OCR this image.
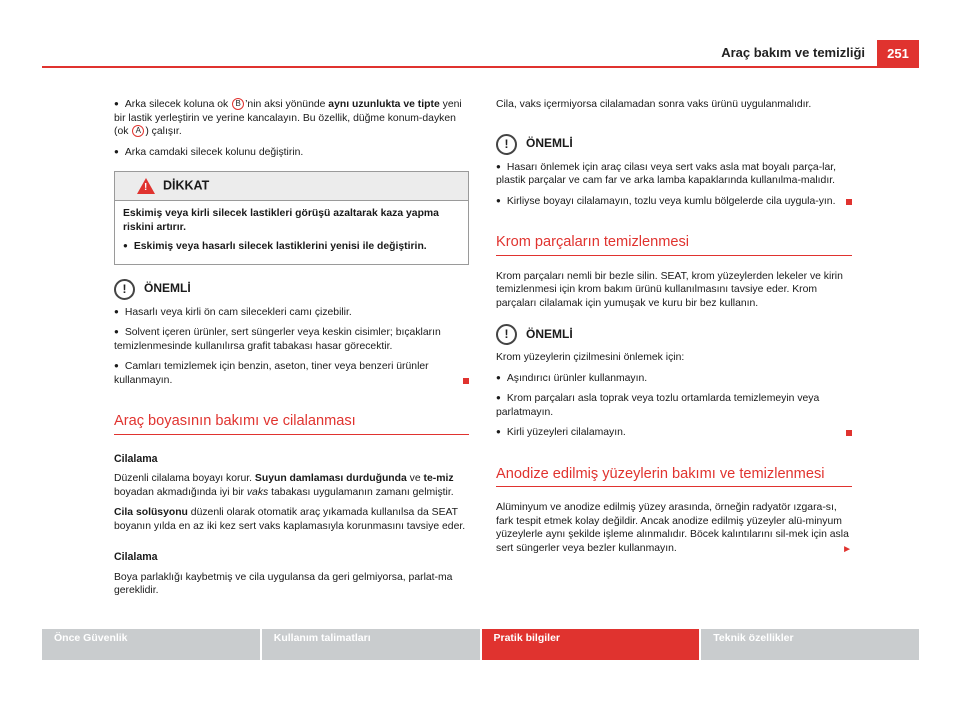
Araç bakım ve temizliği	251

● Arka silecek koluna ok B ’nin aksi yönünde aynı uzunlukta ve tipte yeni bir lastik yerleştirin ve yerine kancalayın. Bu özellik, düğme konum-dayken (ok A ) çalışır.

● Arka camdaki silecek kolunu değiştirin.

!DİKKAT

Eskimiş veya kirli silecek lastikleri görüşü azaltarak kaza yapma riskini artırır.

● Eskimiş veya hasarlı silecek lastiklerini yenisi ile değiştirin.

!	ÖNEMLİ

● Hasarlı veya kirli ön cam silecekleri camı çizebilir.

● Solvent içeren ürünler, sert süngerler veya keskin cisimler; bıçakların temizlenmesinde kullanılırsa grafit tabakası hasar görecektir.

● Camları temizlemek için benzin, aseton, tiner veya benzeri ürünler kullanmayın.

Araç boyasının bakımı ve cilalanması
Cilalama

Düzenli cilalama boyayı korur. Suyun damlaması durduğunda ve te-miz boyadan akmadığında iyi bir vaks tabakası uygulamanın zamanı gelmiştir.

Cila solüsyonu düzenli olarak otomatik araç yıkamada kullanılsa da SEAT boyanın yılda en az iki kez sert vaks kaplamasıyla korunmasını tavsiye eder.

Cilalama

Boya parlaklığı kaybetmiş ve cila uygulansa da geri gelmiyorsa, parlat-ma gereklidir.

Cila, vaks içermiyorsa cilalamadan sonra vaks ürünü uygulanmalıdır.

!	ÖNEMLİ

● Hasarı önlemek için araç cilası veya sert vaks asla mat boyalı parça-lar, plastik parçalar ve cam far ve arka lamba kapaklarında kullanılma-malıdır.

● Kirliyse boyayı cilalamayın, tozlu veya kumlu bölgelerde cila uygula-yın.

Krom parçaların temizlenmesi

Krom parçaları nemli bir bezle silin. SEAT, krom yüzeylerden lekeler ve kirin temizlenmesi için krom bakım ürünü kullanılmasını tavsiye eder. Krom parçaları cilalamak için yumuşak ve kuru bir bez kullanın.

!	ÖNEMLİ

Krom yüzeylerin çizilmesini önlemek için:

● Aşındırıcı ürünler kullanmayın.

● Krom parçaları asla toprak veya tozlu ortamlarda temizlemeyin veya parlatmayın.

● Kirli yüzeyleri cilalamayın.

Anodize edilmiş yüzeylerin bakımı ve temizlenmesi

Alüminyum ve anodize edilmiş yüzey arasında, örneğin radyatör ızgara-sı, fark tespit etmek kolay değildir. Ancak anodize edilmiş yüzeyler alü-minyum yüzeylerle aynı şekilde işleme alınmalıdır. Böcek kalıntılarını sil-mek için asla sert süngerler veya bezler kullanmayın.	►

Önce Güvenlik	Kullanım talimatları	Pratik bilgiler	Teknik özellikler
